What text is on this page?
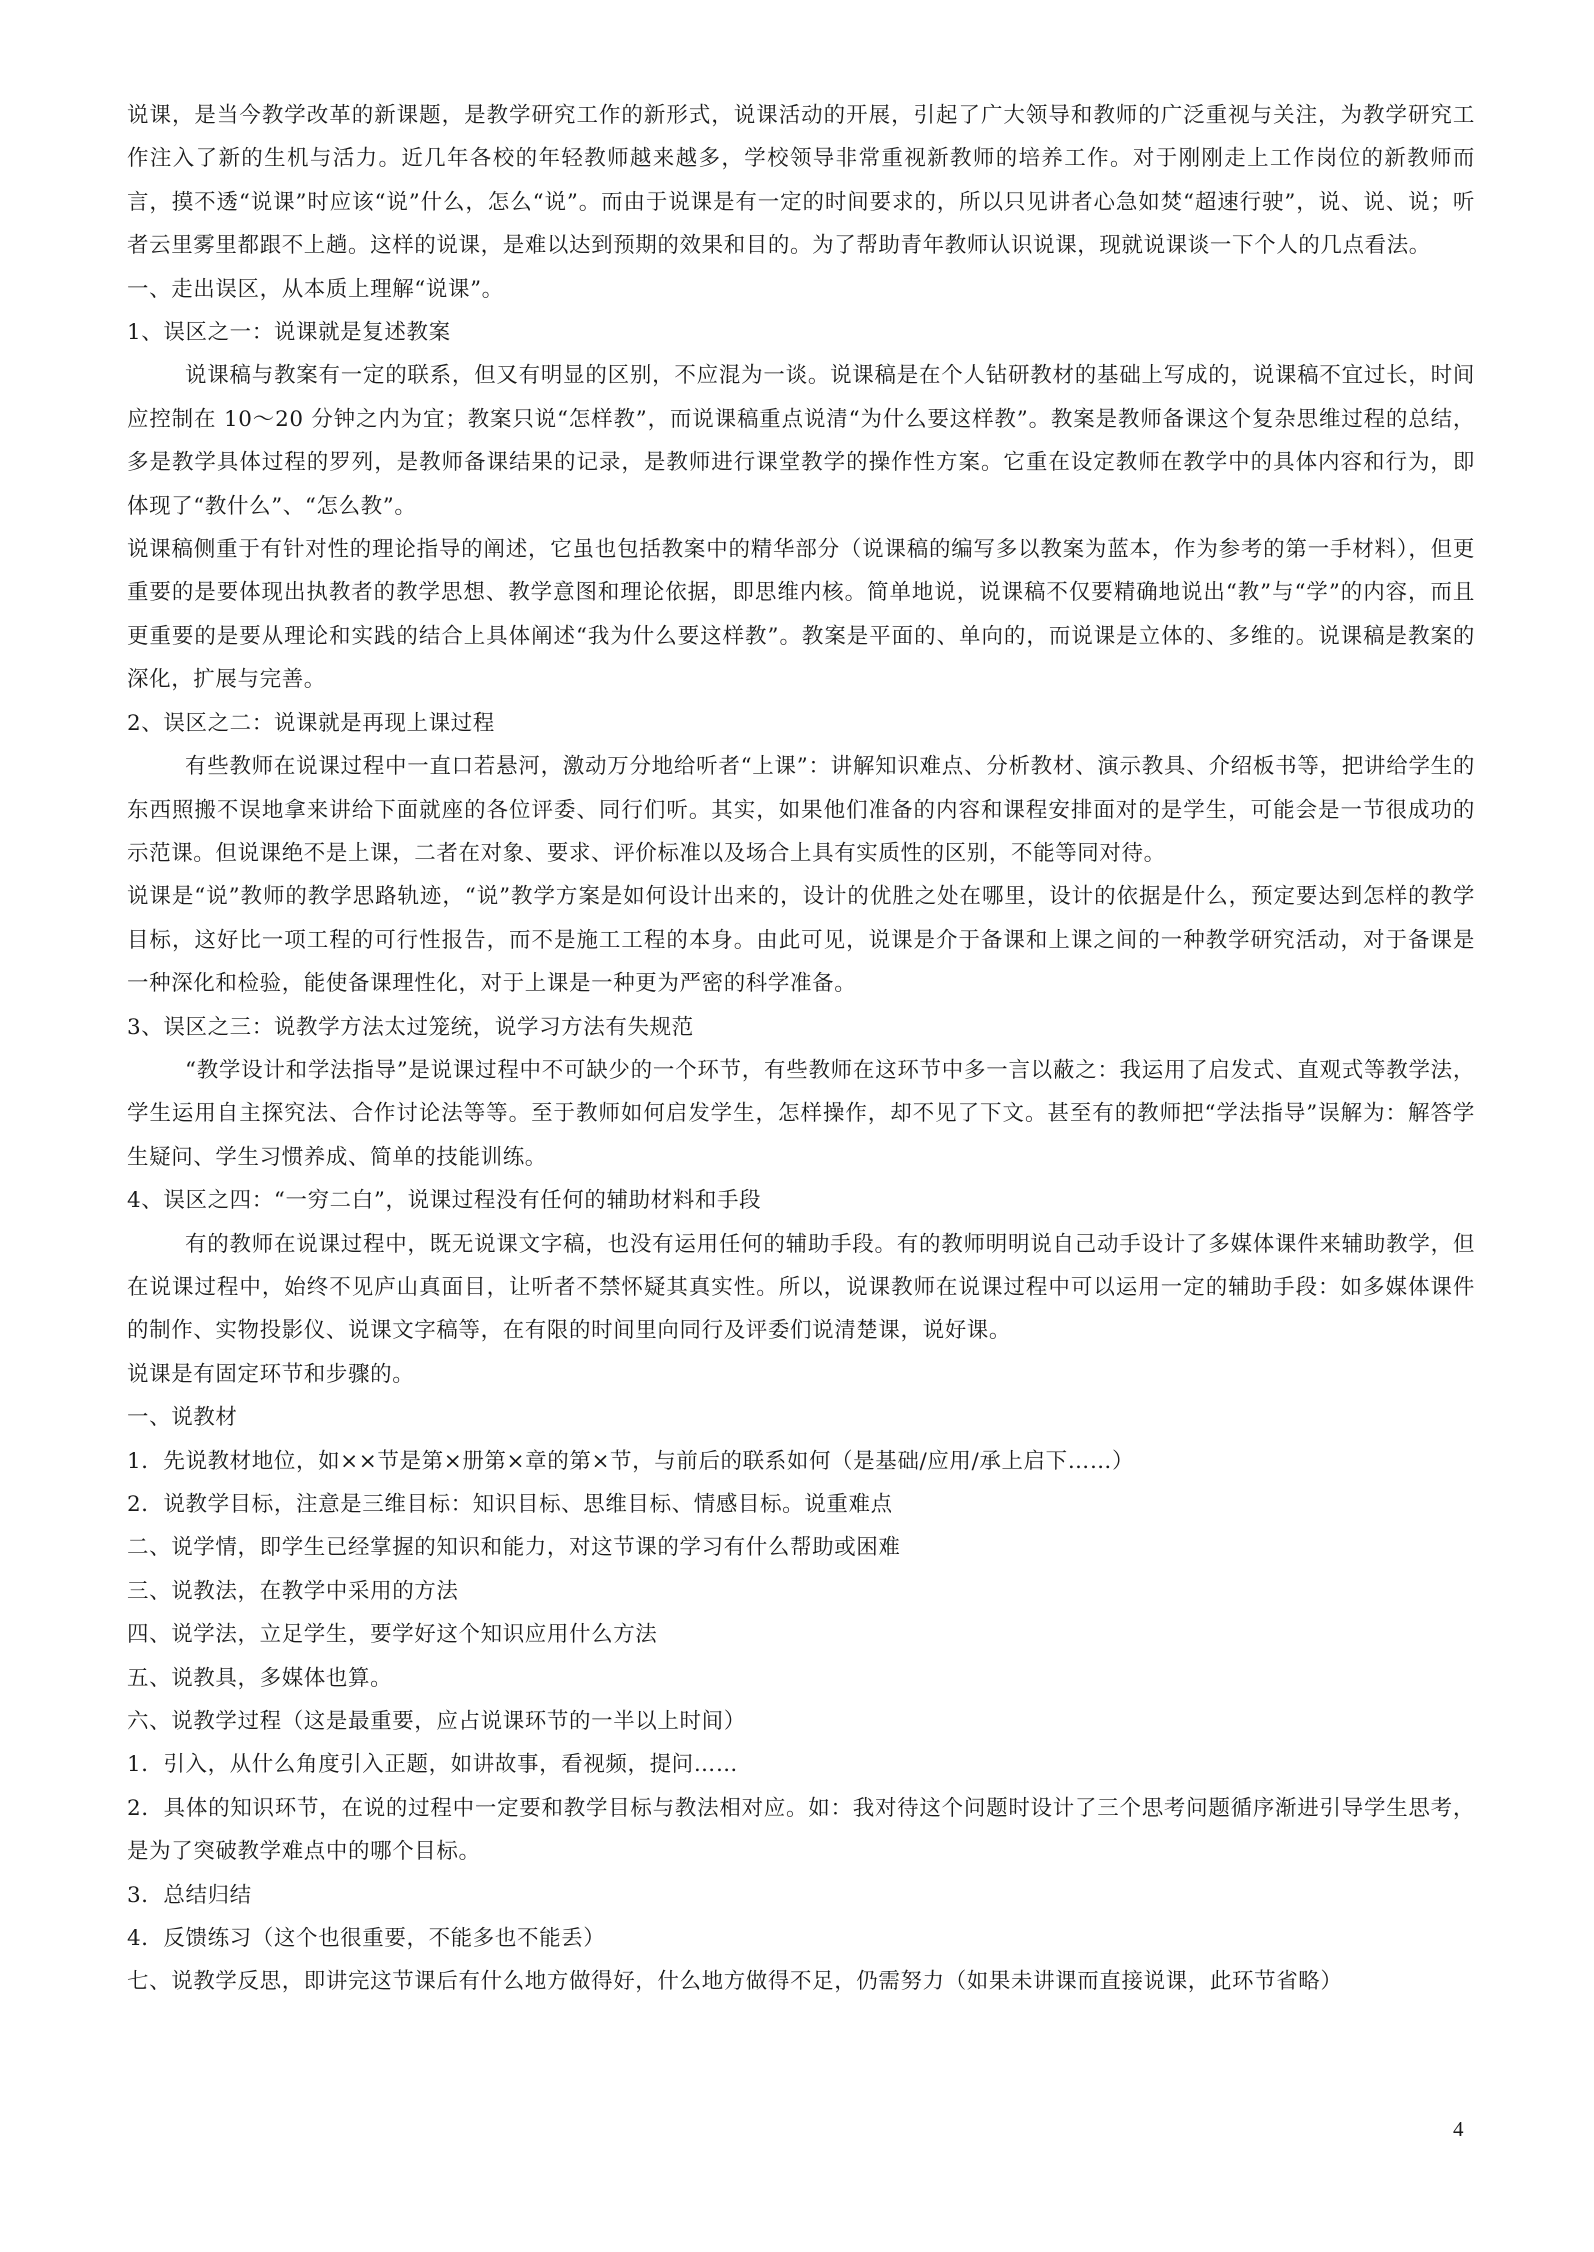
说课，是当今教学改革的新课题，是教学研究工作的新形式，说课活动的开展，引起了广大领导和教师的广泛重视与关注，为教学研究工作注入了新的生机与活力。近几年各校的年轻教师越来越多，学校领导非常重视新教师的培养工作。对于刚刚走上工作岗位的新教师而言，摸不透“说课”时应该“说”什么，怎么“说”。而由于说课是有一定的时间要求的，所以只见讲者心急如焚“超速行驶”，说、说、说；听者云里雾里都跟不上趟。这样的说课，是难以达到预期的效果和目的。为了帮助青年教师认识说课，现就说课谈一下个人的几点看法。

一、走出误区，从本质上理解“说课”。

1、误区之一：说课就是复述教案

说课稿与教案有一定的联系，但又有明显的区别，不应混为一谈。说课稿是在个人钻研教材的基础上写成的，说课稿不宜过长，时间应控制在 10～20 分钟之内为宜；教案只说“怎样教”，而说课稿重点说清“为什么要这样教”。教案是教师备课这个复杂思维过程的总结，多是教学具体过程的罗列，是教师备课结果的记录，是教师进行课堂教学的操作性方案。它重在设定教师在教学中的具体内容和行为，即体现了“教什么”、“怎么教”。

说课稿侧重于有针对性的理论指导的阐述，它虽也包括教案中的精华部分（说课稿的编写多以教案为蓝本，作为参考的第一手材料），但更重要的是要体现出执教者的教学思想、教学意图和理论依据，即思维内核。简单地说，说课稿不仅要精确地说出“教”与“学”的内容，而且更重要的是要从理论和实践的结合上具体阐述“我为什么要这样教”。教案是平面的、单向的，而说课是立体的、多维的。说课稿是教案的深化，扩展与完善。

2、误区之二：说课就是再现上课过程

有些教师在说课过程中一直口若悬河，激动万分地给听者“上课”：讲解知识难点、分析教材、演示教具、介绍板书等，把讲给学生的东西照搬不误地拿来讲给下面就座的各位评委、同行们听。其实，如果他们准备的内容和课程安排面对的是学生，可能会是一节很成功的示范课。但说课绝不是上课，二者在对象、要求、评价标准以及场合上具有实质性的区别，不能等同对待。

说课是“说”教师的教学思路轨迹，“说”教学方案是如何设计出来的，设计的优胜之处在哪里，设计的依据是什么，预定要达到怎样的教学目标，这好比一项工程的可行性报告，而不是施工工程的本身。由此可见，说课是介于备课和上课之间的一种教学研究活动，对于备课是一种深化和检验，能使备课理性化，对于上课是一种更为严密的科学准备。

3、误区之三：说教学方法太过笼统，说学习方法有失规范

“教学设计和学法指导”是说课过程中不可缺少的一个环节，有些教师在这环节中多一言以蔽之：我运用了启发式、直观式等教学法，学生运用自主探究法、合作讨论法等等。至于教师如何启发学生，怎样操作，却不见了下文。甚至有的教师把“学法指导”误解为：解答学生疑问、学生习惯养成、简单的技能训练。

4、误区之四：“一穷二白”，说课过程没有任何的辅助材料和手段

有的教师在说课过程中，既无说课文字稿，也没有运用任何的辅助手段。有的教师明明说自己动手设计了多媒体课件来辅助教学，但在说课过程中，始终不见庐山真面目，让听者不禁怀疑其真实性。所以，说课教师在说课过程中可以运用一定的辅助手段：如多媒体课件的制作、实物投影仪、说课文字稿等，在有限的时间里向同行及评委们说清楚课，说好课。

说课是有固定环节和步骤的。

一、说教材

1．先说教材地位，如××节是第×册第×章的第×节，与前后的联系如何（是基础/应用/承上启下……）

2．说教学目标，注意是三维目标：知识目标、思维目标、情感目标。说重难点

二、说学情，即学生已经掌握的知识和能力，对这节课的学习有什么帮助或困难

三、说教法，在教学中采用的方法

四、说学法，立足学生，要学好这个知识应用什么方法

五、说教具，多媒体也算。

六、说教学过程（这是最重要，应占说课环节的一半以上时间）

1．引入，从什么角度引入正题，如讲故事，看视频，提问……

2．具体的知识环节，在说的过程中一定要和教学目标与教法相对应。如：我对待这个问题时设计了三个思考问题循序渐进引导学生思考，是为了突破教学难点中的哪个目标。

3．总结归结

4．反馈练习（这个也很重要，不能多也不能丢）

七、说教学反思，即讲完这节课后有什么地方做得好，什么地方做得不足，仍需努力（如果未讲课而直接说课，此环节省略）

4
